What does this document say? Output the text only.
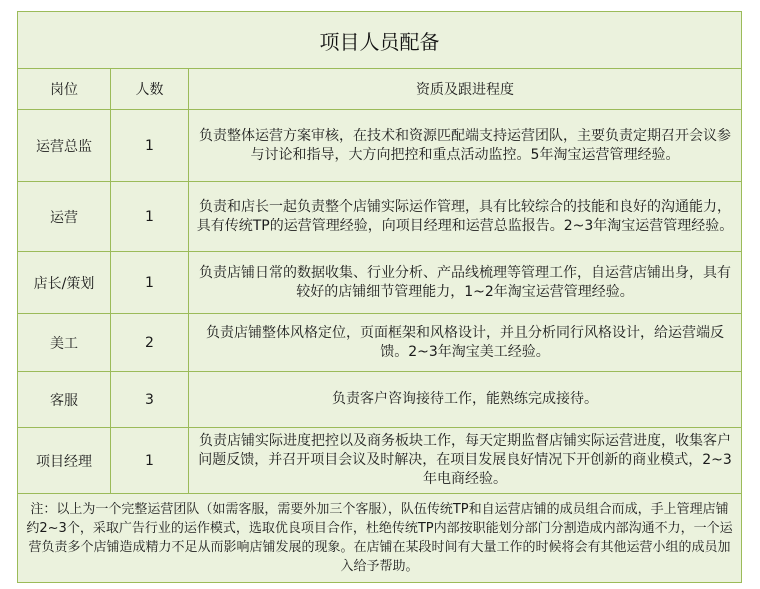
项目人员配备		
岗位	人数	资质及跟进程度
运营总监	1	负责整体运营方案审核，在技术和资源匹配端支持运营团队，主要负责定期召开会议参与讨论和指导，大方向把控和重点活动监控。5年淘宝运营管理经验。
运营	1	负责和店长一起负责整个店铺实际运作管理，具有比较综合的技能和良好的沟通能力，具有传统TP的运营管理经验，向项目经理和运营总监报告。2~3年淘宝运营管理经验。
店长/策划	1	负责店铺日常的数据收集、行业分析、产品线梳理等管理工作，自运营店铺出身，具有较好的店铺细节管理能力，1~2年淘宝运营管理经验。
美工	2	负责店铺整体风格定位，页面框架和风格设计，并且分析同行风格设计，给运营端反馈。2~3年淘宝美工经验。
客服	3	负责客户咨询接待工作，能熟练完成接待。
项目经理	1	负责店铺实际进度把控以及商务板块工作，每天定期监督店铺实际运营进度，收集客户问题反馈，并召开项目会议及时解决，在项目发展良好情况下开创新的商业模式，2~3年电商经验。
注：以上为一个完整运营团队（如需客服，需要外加三个客服），队伍传统TP和自运营店铺的成员组合而成，手上管理店铺约2~3个，采取广告行业的运作模式，选取优良项目合作，杜绝传统TP内部按职能划分部门分割造成内部沟通不力，一个运营负责多个店铺造成精力不足从而影响店铺发展的现象。在店铺在某段时间有大量工作的时候将会有其他运营小组的成员加入给予帮助。		
